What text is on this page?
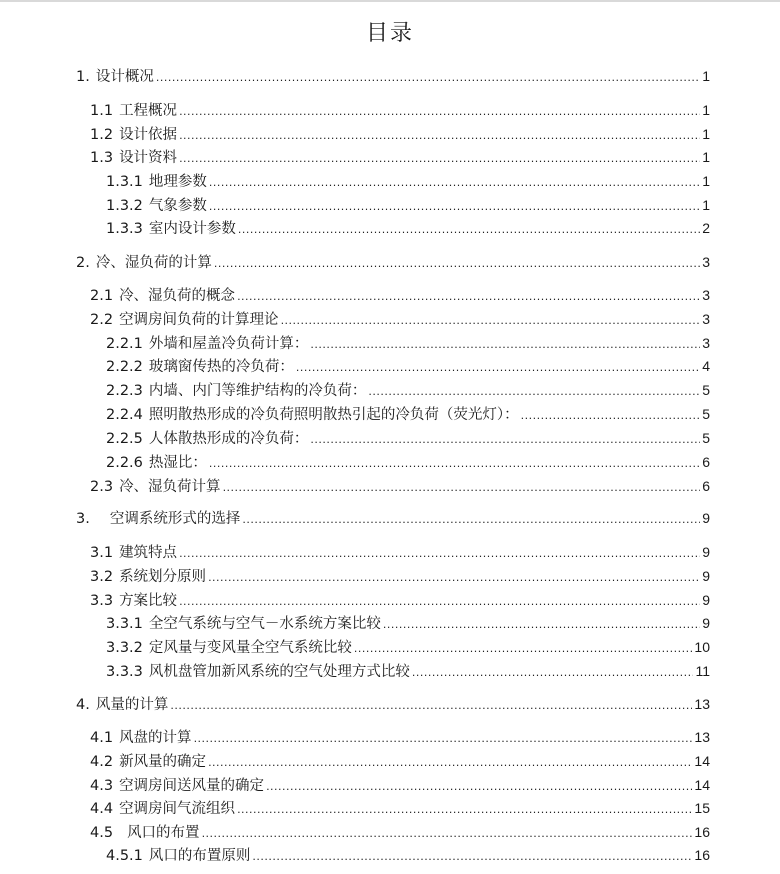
目录
1. 设计概况 .....	1
1.1 工程概况 .....	1
1.2 设计依据 .....	1
1.3 设计资料 .....	1
1.3.1 地理参数 .....	1
1.3.2 气象参数 .....	1
1.3.3 室内设计参数 .....	2
2. 冷、湿负荷的计算 .....	3
2.1 冷、湿负荷的概念 .....	3
2.2 空调房间负荷的计算理论 .....	3
2.2.1 外墙和屋盖冷负荷计算： .....	3
2.2.2 玻璃窗传热的冷负荷： .....	4
2.2.3 内墙、内门等维护结构的冷负荷： .....	5
2.2.4 照明散热形成的冷负荷照明散热引起的冷负荷（荧光灯）： .....	5
2.2.5 人体散热形成的冷负荷： .....	5
2.2.6 热湿比： .....	6
2.3 冷、湿负荷计算 .....	6
3. 空调系统形式的选择 .....	9
3.1 建筑特点 .....	9
3.2 系统划分原则 .....	9
3.3 方案比较 .....	9
3.3.1 全空气系统与空气－水系统方案比较 .....	9
3.3.2 定风量与变风量全空气系统比较 .....	10
3.3.3 风机盘管加新风系统的空气处理方式比较 .....	11
4. 风量的计算 .....	13
4.1 风盘的计算 .....	13
4.2 新风量的确定 .....	14
4.3 空调房间送风量的确定 .....	14
4.4 空调房间气流组织 .....	15
4.5 风口的布置 .....	16
4.5.1 风口的布置原则 .....	16
